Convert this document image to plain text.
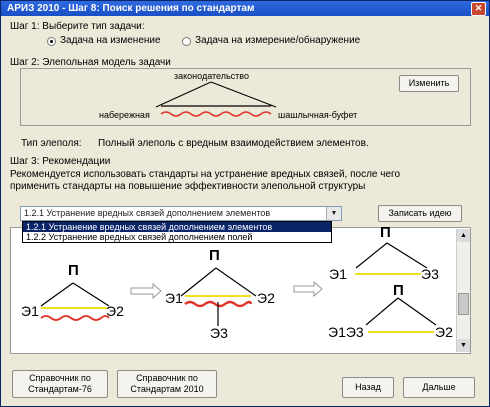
АРИЗ 2010 - Шаг 8: Поиск решения по стандартам	✕
Шаг 1: Выберите тип задачи:
Задача на изменение	Задача на измерение/обнаружение
Шаг 2: Элепольная модель задачи
законодательство
набережная	шашлычная-буфет
Изменить
Тип элеполя: Полный элеполь с вредным взаимодействием элементов.
Шаг 3: Рекомендации
Рекомендуется использовать стандарты на устранение вредных связей, после чего
применить стандарты на повышение эффективности элепольной структуры
Записать идею
П
Э1	Э2
П
Э1	Э2
Э3
П
Э1	Э3
П
Э1Э3	Э2
▲
▼
1.2.1 Устранение вредных связей дополнением элементов	▼
1.2.1 Устранение вредных связей дополнением элементов
1.2.2 Устранение вредных связей дополнением полей
Справочник по
Стандартам-76
Справочник по
Стандартам 2010	Назад	Дальше
